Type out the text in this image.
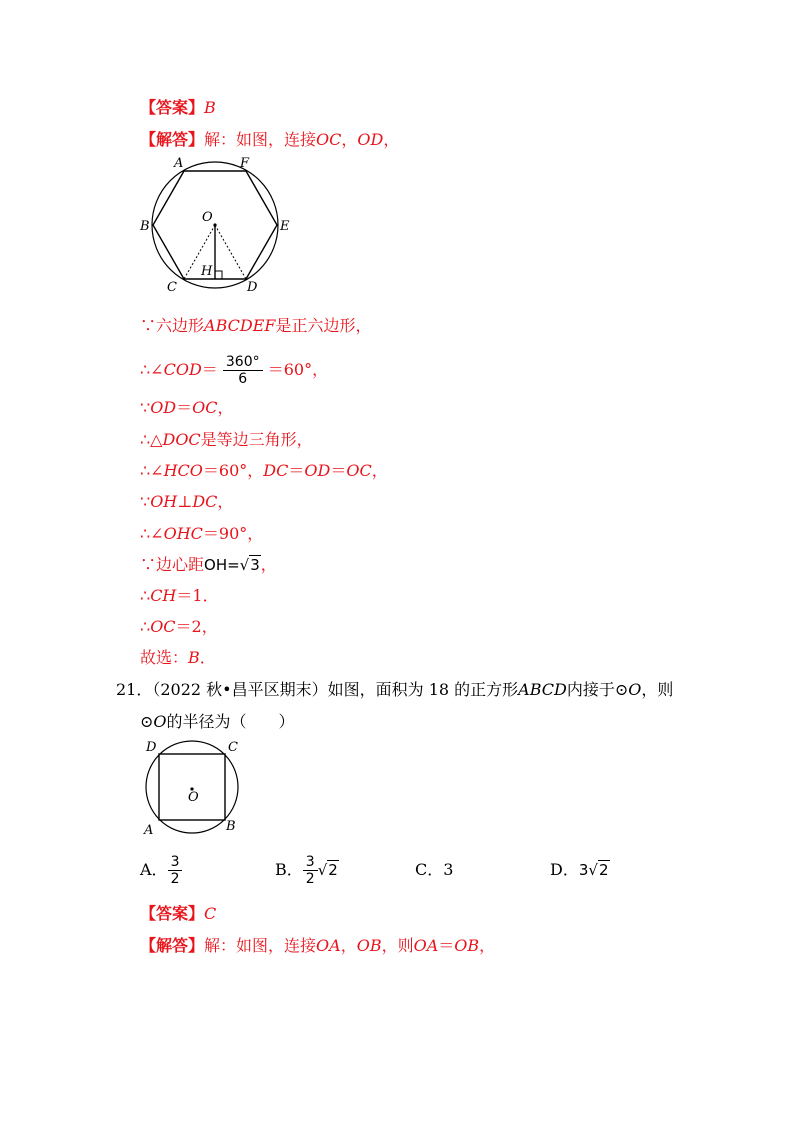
【答案】B
【解答】解：如图，连接OC，OD，
A	F
B	E
C	D
O
H
∵六边形ABCDEF是正六边形，
∴∠COD＝ $\frac{360^\circ}{6} =60^\circ$，
∵OD＝OC，
∴△DOC是等边三角形，
∴∠HCO＝60°，DC＝OD＝OC，
∵OH⊥DC，
∴∠OHC＝90°，
∵边心距OH=√3，
∴CH＝1．
∴OC＝2，
故选：B．
21．（2022 秋•昌平区期末）如图，面积为 18 的正方形ABCD内接于⊙O，则
⊙O的半径为（　　）
D	C
A	B
O
A． $\frac{3}{2}$	B． $\frac{3}{2} √2$	C．3	D．3√2
【答案】C
【解答】解：如图，连接OA，OB，则OA＝OB，
